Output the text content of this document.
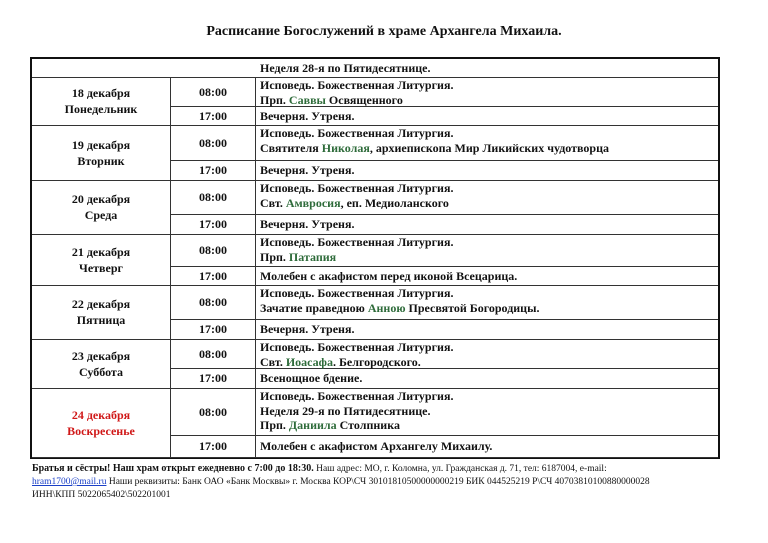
Расписание Богослужений в храме Архангела Михаила.
Неделя 28-я по Пятидесятнице.
18 декабря
Понедельник
08:00
17:00
Исповедь. Божественная Литургия.
Прп. Саввы Освященного
Вечерня. Утреня.
19 декабря
Вторник
08:00
17:00
Исповедь. Божественная Литургия.
Святителя Николая, архиепископа Мир Ликийских чудотворца
Вечерня. Утреня.
20 декабря
Среда
08:00
17:00
Исповедь. Божественная Литургия.
Свт. Амвросия, еп. Медиоланского
Вечерня. Утреня.
21 декабря
Четверг
08:00
17:00
Исповедь. Божественная Литургия.
Прп. Патапия
Молебен с акафистом перед иконой Всецарица.
22 декабря
Пятница
08:00
17:00
Исповедь. Божественная Литургия.
Зачатие праведною Анною Пресвятой Богородицы.
Вечерня. Утреня.
23 декабря
Суббота
08:00
17:00
Исповедь. Божественная Литургия.
Свт. Иоасафа. Белгородского.
Всенощное бдение.
24 декабря
Воскресенье
08:00
17:00
Исповедь. Божественная Литургия.
Неделя 29-я по Пятидесятнице.
Прп. Даниила Столпника
Молебен с акафистом Архангелу Михаилу.
Братья и сёстры! Наш храм открыт ежедневно с 7:00 до 18:30. Наш адрес: МО, г. Коломна, ул. Гражданская д. 71, тел: 6187004, e-mail:
hram1700@mail.ru Наши реквизиты: Банк ОАО «Банк Москвы» г. Москва КОР\СЧ 30101810500000000219 БИК 044525219 Р\СЧ 40703810100880000028
ИНН\КПП 5022065402\502201001
